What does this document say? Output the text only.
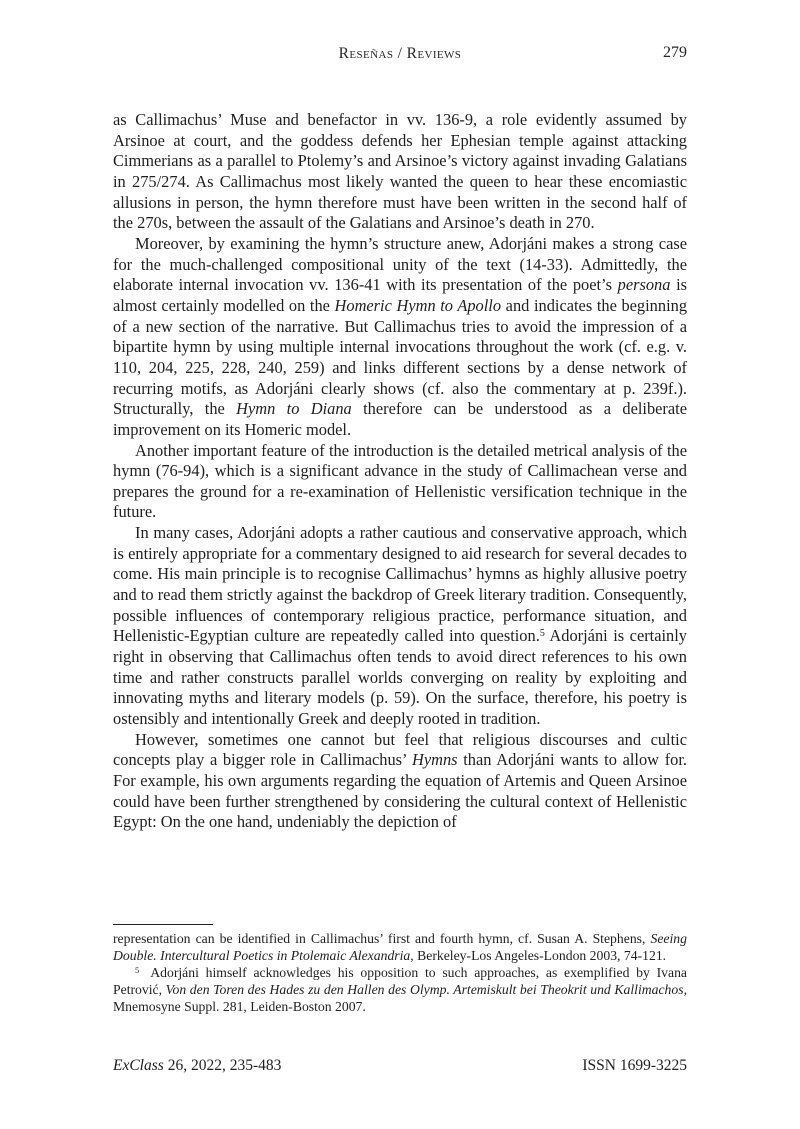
Reseñas / Reviews	279

as Callimachus’ Muse and benefactor in vv. 136-9, a role evidently assumed by Arsinoe at court, and the goddess defends her Ephesian temple against attacking Cimmerians as a parallel to Ptolemy’s and Arsinoe’s victory against invading Galatians in 275/274. As Callimachus most likely wanted the queen to hear these encomiastic allusions in person, the hymn therefore must have been written in the second half of the 270s, between the assault of the Galatians and Arsinoe’s death in 270.

Moreover, by examining the hymn’s structure anew, Adorjáni makes a strong case for the much-challenged compositional unity of the text (14-33). Admittedly, the elaborate internal invocation vv. 136-41 with its presentation of the poet’s persona is almost certainly modelled on the Homeric Hymn to Apollo and indicates the beginning of a new section of the narrative. But Callimachus tries to avoid the impression of a bipartite hymn by using multiple internal invocations throughout the work (cf. e.g. v. 110, 204, 225, 228, 240, 259) and links different sections by a dense network of recurring motifs, as Adorjáni clearly shows (cf. also the commentary at p. 239f.). Structurally, the Hymn to Diana therefore can be understood as a deliberate improvement on its Homeric model.

Another important feature of the introduction is the detailed metrical analysis of the hymn (76-94), which is a significant advance in the study of Callimachean verse and prepares the ground for a re-examination of Hellenistic versification technique in the future.

In many cases, Adorjáni adopts a rather cautious and conservative approach, which is entirely appropriate for a commentary designed to aid research for several decades to come. His main principle is to recognise Callimachus’ hymns as highly allusive poetry and to read them strictly against the backdrop of Greek literary tradition. Consequently, possible influences of contemporary religious practice, performance situation, and Hellenistic-Egyptian culture are repeatedly called into question.$^5$ Adorjáni is certainly right in observing that Callimachus often tends to avoid direct references to his own time and rather constructs parallel worlds converging on reality by exploiting and innovating myths and literary models (p. 59). On the surface, therefore, his poetry is ostensibly and intentionally Greek and deeply rooted in tradition.

However, sometimes one cannot but feel that religious discourses and cultic concepts play a bigger role in Callimachus’ Hymns than Adorjáni wants to allow for. For example, his own arguments regarding the equation of Artemis and Queen Arsinoe could have been further strengthened by considering the cultural context of Hellenistic Egypt: On the one hand, undeniably the depiction of

representation can be identified in Callimachus’ first and fourth hymn, cf. Susan A. Stephens, Seeing Double. Intercultural Poetics in Ptolemaic Alexandria, Berkeley-Los Angeles-London 2003, 74-121.

$^5$ Adorjáni himself acknowledges his opposition to such approaches, as exemplified by Ivana Petrović, Von den Toren des Hades zu den Hallen des Olymp. Artemiskult bei Theokrit und Kallimachos, Mnemosyne Suppl. 281, Leiden-Boston 2007.

ExClass 26, 2022, 235-483	ISSN 1699-3225
